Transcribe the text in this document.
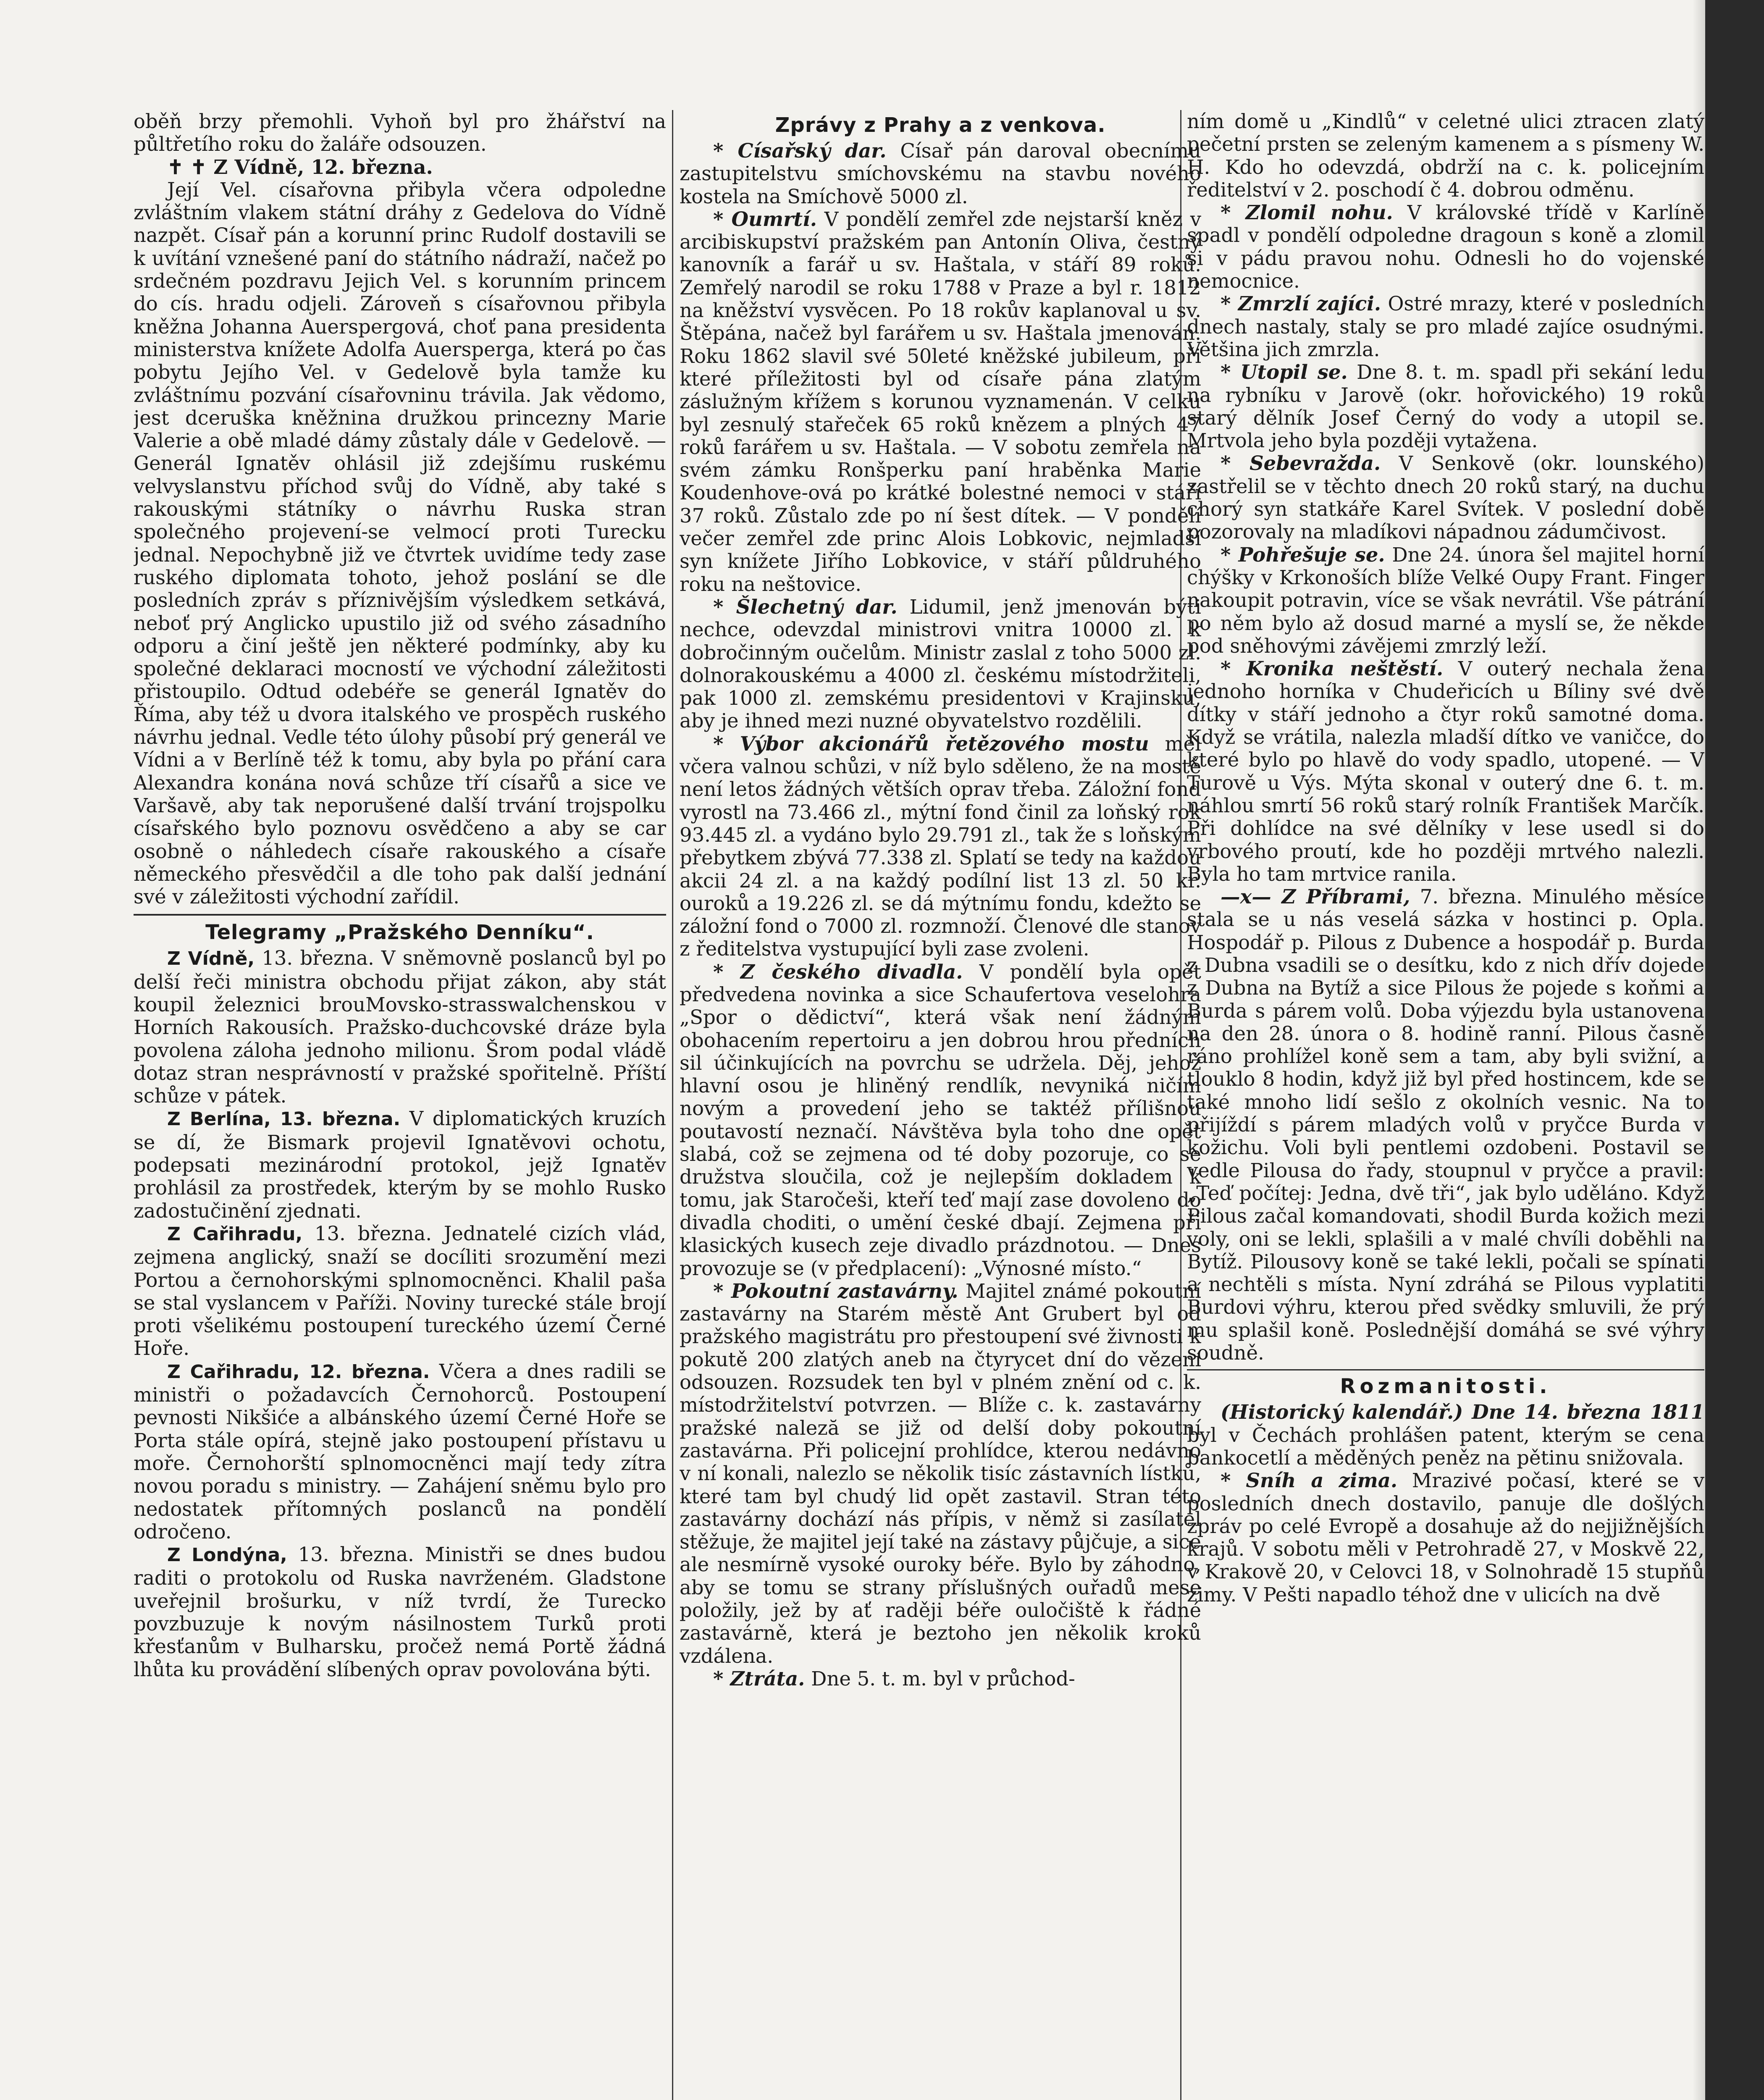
oběň brzy přemohli. Vyhoň byl pro žhářství na půltřetího roku do žaláře odsouzen.

✝ ✝ Z Vídně, 12. března.

Její Vel. císařovna přibyla včera odpoledne zvláštním vlakem státní dráhy z Gedelova do Vídně nazpět. Císař pán a korunní princ Rudolf dostavili se k uvítání vznešené paní do státního nádraží, načež po srdečném pozdravu Jejich Vel. s korunním princem do cís. hradu odjeli. Zároveň s císařovnou přibyla kněžna Johanna Auerspergová, choť pana presidenta ministerstva knížete Adolfa Auersperga, která po čas pobytu Jejího Vel. v Gedelově byla tamže ku zvláštnímu pozvání císařovninu trávila. Jak vědomo, jest dceruška kněžnina družkou princezny Marie Valerie a obě mladé dámy zůstaly dále v Gedelově. — Generál Ignatěv ohlásil již zdejšímu ruskému velvyslanstvu příchod svůj do Vídně, aby také s rakouskými státníky o návrhu Ruska stran společného projevení-se velmocí proti Turecku jednal. Nepochybně již ve čtvrtek uvidíme tedy zase ruského diplomata tohoto, jehož poslání se dle posledních zpráv s příznivějším výsledkem setkává, neboť prý Anglicko upustilo již od svého zásadního odporu a činí ještě jen některé podmínky, aby ku společné deklaraci mocností ve východní záležitosti přistoupilo. Odtud odebéře se generál Ignatěv do Říma, aby též u dvora italského ve prospěch ruského návrhu jednal. Vedle této úlohy působí prý generál ve Vídni a v Berlíně též k tomu, aby byla po přání cara Alexandra konána nová schůze tří císařů a sice ve Varšavě, aby tak neporušené další trvání trojspolku císařského bylo poznovu osvědčeno a aby se car osobně o náhledech císaře rakouského a císaře německého přesvědčil a dle toho pak další jednání své v záležitosti východní zařídil.

Telegramy „Pražského Denníku“.

Z Vídně, 13. března. V sněmovně poslanců byl po delší řeči ministra obchodu přijat zákon, aby stát koupil železnici brouMovsko-strasswalchenskou v Horních Rakousích. Pražsko-duchcovské dráze byla povolena záloha jednoho milionu. Šrom podal vládě dotaz stran nesprávností v pražské spořitelně. Příští schůze v pátek.

Z Berlína, 13. března. V diplomatických kruzích se dí, že Bismark projevil Ignatěvovi ochotu, podepsati mezinárodní protokol, jejž Ignatěv prohlásil za prostředek, kterým by se mohlo Rusko zadostučinění zjednati.

Z Cařihradu, 13. března. Jednatelé cizích vlád, zejmena anglický, snaží se docíliti srozumění mezi Portou a černohorskými splnomocněnci. Khalil paša se stal vyslancem v Paříži. Noviny turecké stále brojí proti všelikému postoupení tureckého území Černé Hoře.

Z Cařihradu, 12. března. Včera a dnes radili se ministři o požadavcích Černohorců. Postoupení pevnosti Nikšiće a albánského území Černé Hoře se Porta stále opírá, stejně jako postoupení přístavu u moře. Černohorští splnomocněnci mají tedy zítra novou poradu s ministry. — Zahájení sněmu bylo pro nedostatek přítomných poslanců na pondělí odročeno.

Z Londýna, 13. března. Ministři se dnes budou raditi o protokolu od Ruska navrženém. Gladstone uveřejnil brošurku, v níž tvrdí, že Turecko povzbuzuje k novým násilnostem Turků proti křesťanům v Bulharsku, pročež nemá Portě žádná lhůta ku provádění slíbených oprav povolována býti.

Zprávy z Prahy a z venkova.

* Císařský dar. Císař pán daroval obecnímu zastupitelstvu smíchovskému na stavbu nového kostela na Smíchově 5000 zl.

* Oumrtí. V pondělí zemřel zde nejstarší kněz v arcibiskupství pražském pan Antonín Oliva, čestný kanovník a farář u sv. Haštala, v stáří 89 roků. Zemřelý narodil se roku 1788 v Praze a byl r. 1812 na kněžství vysvěcen. Po 18 rokův kaplanoval u sv. Štěpána, načež byl farářem u sv. Haštala jmenován. Roku 1862 slavil své 50leté kněžské jubileum, při které příležitosti byl od císaře pána zlatým záslužným křížem s korunou vyznamenán. V celku byl zesnulý stařeček 65 roků knězem a plných 47 roků farářem u sv. Haštala. — V sobotu zemřela na svém zámku Ronšperku paní hraběnka Marie Koudenhove-ová po krátké bolestné nemoci v stáří 37 roků. Zůstalo zde po ní šest dítek. — V pondělí večer zemřel zde princ Alois Lobkovic, nejmladší syn knížete Jiřího Lobkovice, v stáří půldruhého roku na neštovice.

* Šlechetný dar. Lidumil, jenž jmenován býti nechce, odevzdal ministrovi vnitra 10000 zl. k dobročinným oučelům. Ministr zaslal z toho 5000 zl. dolnorakouskému a 4000 zl. českému místodržiteli, pak 1000 zl. zemskému presidentovi v Krajinsku, aby je ihned mezi nuzné obyvatelstvo rozdělili.

* Výbor akcionářů řetězového mostu měl včera valnou schůzi, v níž bylo sděleno, že na mostě není letos žádných větších oprav třeba. Záložní fond vyrostl na 73.466 zl., mýtní fond činil za loňský rok 93.445 zl. a vydáno bylo 29.791 zl., tak že s loňským přebytkem zbývá 77.338 zl. Splatí se tedy na každou akcii 24 zl. a na každý podílní list 13 zl. 50 kr. ouroků a 19.226 zl. se dá mýtnímu fondu, kdežto se záložní fond o 7000 zl. rozmnoží. Členové dle stanov z ředitelstva vystupující byli zase zvoleni.

* Z českého divadla. V pondělí byla opět předvedena novinka a sice Schaufertova veselohra „Spor o dědictví“, která však není žádným obohacením repertoiru a jen dobrou hrou předních sil účinkujících na povrchu se udržela. Děj, jehož hlavní osou je hliněný rendlík, nevyniká ničím novým a provedení jeho se taktéž přílišnou poutavostí neznačí. Návštěva byla toho dne opět slabá, což se zejmena od té doby pozoruje, co se družstva sloučila, což je nejlepším dokladem k tomu, jak Staročeši, kteří teď mají zase dovoleno do divadla choditi, o umění české dbají. Zejmena při klasických kusech zeje divadlo prázdnotou. — Dnes provozuje se (v předplacení): „Výnosné místo.“

* Pokoutní zastavárny. Majitel známé pokoutní zastavárny na Starém městě Ant Grubert byl od pražského magistrátu pro přestoupení své živnosti k pokutě 200 zlatých aneb na čtyrycet dní do vězení odsouzen. Rozsudek ten byl v plném znění od c. k. místodržitelství potvrzen. — Blíže c. k. zastavárny pražské naleză se již od delší doby pokoutní zastavárna. Při policejní prohlídce, kterou nedávno v ní konali, nalezlo se několik tisíc zástavních lístků, které tam byl chudý lid opět zastavil. Stran této zastavárny dochází nás přípis, v němž si zasílatel stěžuje, že majitel její také na zástavy půjčuje, a sice ale nesmírně vysoké ouroky béře. Bylo by záhodno, aby se tomu se strany příslušných ouřadů mese položily, jež by ať raději béře ouločiště k řádné zastavárně, která je beztoho jen několik kroků vzdálena.

* Ztráta. Dne 5. t. m. byl v průchod-

ním domě u „Kindlů“ v celetné ulici ztracen zlatý pečetní prsten se zeleným kamenem a s písmeny W. H. Kdo ho odevzdá, obdrží na c. k. policejním ředitelství v 2. poschodí č 4. dobrou odměnu.

* Zlomil nohu. V královské třídě v Karlíně spadl v pondělí odpoledne dragoun s koně a zlomil si v pádu pravou nohu. Odnesli ho do vojenské nemocnice.

* Zmrzlí zajíci. Ostré mrazy, které v posledních dnech nastaly, staly se pro mladé zajíce osudnými. Většina jich zmrzla.

* Utopil se. Dne 8. t. m. spadl při sekání ledu na rybníku v Jarově (okr. hořovického) 19 roků starý dělník Josef Černý do vody a utopil se. Mrtvola jeho byla později vytažena.

* Sebevražda. V Senkově (okr. lounského) zastřelil se v těchto dnech 20 roků starý, na duchu chorý syn statkáře Karel Svítek. V poslední době pozorovaly na mladíkovi nápadnou zádumčivost.

* Pohřešuje se. Dne 24. února šel majitel horní chýšky v Krkonoších blíže Velké Oupy Frant. Finger nakoupit potravin, více se však nevrátil. Vše pátrání po něm bylo až dosud marné a myslí se, že někde pod sněhovými závějemi zmrzlý leží.

* Kronika neštěstí. V outerý nechala žena jednoho horníka v Chudeřicích u Bíliny své dvě dítky v stáří jednoho a čtyr roků samotné doma. Když se vrátila, nalezla mladší dítko ve vaničce, do které bylo po hlavě do vody spadlo, utopené. — V Turově u Výs. Mýta skonal v outerý dne 6. t. m. náhlou smrtí 56 roků starý rolník František Marčík. Při dohlídce na své dělníky v lese usedl si do vrbového proutí, kde ho později mrtvého nalezli. Byla ho tam mrtvice ranila.

—x— Z Příbrami, 7. března. Minulého měsíce stala se u nás veselá sázka v hostinci p. Opla. Hospodář p. Pilous z Dubence a hospodář p. Burda z Dubna vsadili se o desítku, kdo z nich dřív dojede z Dubna na Bytíž a sice Pilous že pojede s koňmi a Burda s párem volů. Doba výjezdu byla ustanovena na den 28. února o 8. hodině ranní. Pilous časně ráno prohlížel koně sem a tam, aby byli svižní, a tlouklo 8 hodin, když již byl před hostincem, kde se také mnoho lidí sešlo z okolních vesnic. Na to přijíždí s párem mladých volů v pryčce Burda v kožichu. Voli byli pentlemi ozdobeni. Postavil se vedle Pilousa do řady, stoupnul v pryčce a pravil: „Teď počítej: Jedna, dvě tři“, jak bylo uděláno. Když Pilous začal komandovati, shodil Burda kožich mezi voly, oni se lekli, splašili a v malé chvíli doběhli na Bytíž. Pilousovy koně se také lekli, počali se spínati a nechtěli s místa. Nyní zdráhá se Pilous vyplatiti Burdovi výhru, kterou před svědky smluvili, že prý mu splašil koně. Poslednější domáhá se své výhry soudně.

Rozmanitosti.

(Historický kalendář.) Dne 14. března 1811 byl v Čechách prohlášen patent, kterým se cena bankocetlí a měděných peněz na pětinu snižovala.

* Sníh a zima. Mrazivé počasí, které se v posledních dnech dostavilo, panuje dle došlých zpráv po celé Evropě a dosahuje až do nejjižnějších krajů. V sobotu měli v Petrohradě 27, v Moskvě 22, v Krakově 20, v Celovci 18, v Solnohradě 15 stupňů zimy. V Pešti napadlo téhož dne v ulicích na dvě
